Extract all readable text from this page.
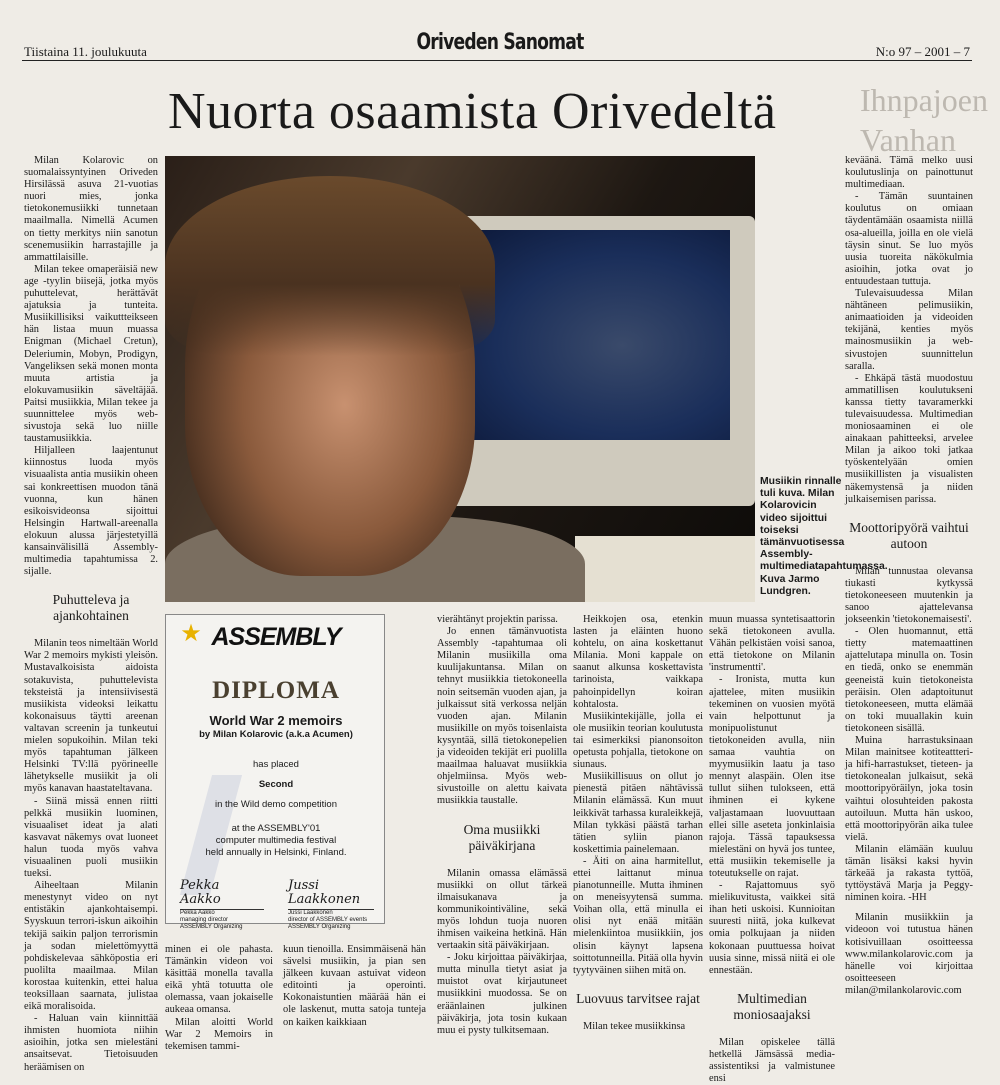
Tiistaina 11. joulukuuta	Oriveden Sanomat	N:o 97 – 2001 – 7
Ihnpajoen
Vanhan
Nuorta osaamista Orivedeltä

Milan Kolarovic on suomalaissyntyinen Oriveden Hirsilässä asuva 21-vuotias nuori mies, jonka tietokonemusiikki tunnetaan maailmalla. Nimellä Acumen on tietty merkitys niin sanotun scenemusiikin harrastajille ja ammattilaisille.

Milan tekee omaperäisiä new age -tyylin biisejä, jotka myös puhuttelevat, herättävät ajatuksia ja tunteita. Musiikillisiksi vaikuttteikseen hän listaa muun muassa Enigman (Michael Cretun), Deleriumin, Mobyn, Prodigyn, Vangeliksen sekä monen monta muuta artistia ja elokuvamusiikin säveltäjää. Paitsi musiikkia, Milan tekee ja suunnittelee myös web-sivustoja sekä luo niille taustamusiikkia.

Hiljalleen laajentunut kiinnostus luoda myös visuaalista antia musiikin oheen sai konkreettisen muodon tänä vuonna, kun hänen esikoisvideonsa sijoittui Helsingin Hartwall-areenalla elokuun alussa järjestetyillä kansainvälisillä Assembly-multimedia tapahtumissa 2. sijalle.

Puhutteleva ja ajankohtainen

Milanin teos nimeltään World War 2 memoirs mykisti yleisön. Mustavalkoisista aidoista sotakuvista, puhuttelevista teksteistä ja intensiivisestä musiikista videoksi leikattu kokonaisuus täytti areenan valtavan screenin ja tunkeutui mielen sopukoihin. Milan teki myös tapahtuman jälkeen Helsinki TV:llä pyörineelle lähetykselle musiikit ja oli myös kanavan haastateltavana.

- Siinä missä ennen riitti pelkkä musiikin luominen, visuaaliset ideat ja alati kasvavat näkemys ovat luoneet halun tuoda myös vahva visuaalinen puoli musiikin tueksi.

Aiheeltaan Milanin menestynyt video on nyt entistäkin ajankohtaisempi. Syyskuun terrori-iskun aikoihin tekijä saikin paljon terrorismin ja sodan mielettömyyttä pohdiskelevaa sähköpostia eri puolilta maailmaa. Milan korostaa kuitenkin, ettei halua teoksillaan saarnata, julistaa eikä moralisoida.

- Haluan vain kiinnittää ihmisten huomiota niihin asioihin, jotka sen mielestäni ansaitsevat. Tietoisuuden heräämisen on

Musiikin rinnalle tuli kuva. Milan Kolarovicin video sijoittui toiseksi tämänvuotisessa Assembly-multimediatapahtumassa. Kuva Jarmo Lundgren.
ASSEMBLY
★
DIPLOMA
World War 2 memoirs
by Milan Kolarovic (a.k.a Acumen)
has placed
Second
in the Wild demo competition
at the ASSEMBLY'01
computer multimedia festival
held annually in Helsinki, Finland.
Pekka Aakko
Pekka Aakko
managing director
ASSEMBLY Organizing
Jussi Laakkonen
Jussi Laakkonen
director of ASSEMBLY events
ASSEMBLY Organizing

minen ei ole pahasta. Tämänkin videon voi käsittää monella tavalla eikä yhtä totuutta ole olemassa, vaan jokaiselle aukeaa omansa.

Milan aloitti World War 2 Memoirs in tekemisen tammi-

kuun tienoilla. Ensimmäisenä hän sävelsi musiikin, ja pian sen jälkeen kuvaan astuivat videon editointi ja operointi. Kokonaistuntien määrää hän ei ole laskenut, mutta satoja tunteja on kaiken kaikkiaan

vierähtänyt projektin parissa.

Jo ennen tämänvuotista Assembly -tapahtumaa oli Milanin musiikilla oma kuulijakuntansa. Milan on tehnyt musiikkia tietokoneella noin seitsemän vuoden ajan, ja julkaissut sitä verkossa neljän vuoden ajan. Milanin musiikille on myös toisenlaista kysyntää, sillä tietokonepelien ja videoiden tekijät eri puolilla maailmaa haluavat musiikkia ohjelmiinsa. Myös web-sivustoille on alettu kaivata musiikkia taustalle.

Oma musiikki päiväkirjana

Milanin omassa elämässä musiikki on ollut tärkeä ilmaisukanava ja kommunikointiväline, sekä myös lohdun tuoja nuoren ihmisen vaikeina hetkinä. Hän vertaakin sitä päiväkirjaan.

- Joku kirjoittaa päiväkirjaa, mutta minulla tietyt asiat ja muistot ovat kirjautuneet musiikkini muodossa. Se on eräänlainen julkinen päiväkirja, jota tosin kukaan muu ei pysty tulkitsemaan.

Heikkojen osa, etenkin lasten ja eläinten huono kohtelu, on aina koskettanut Milania. Moni kappale on saanut alkunsa koskettavista tarinoista, vaikkapa pahoinpidellyn koiran kohtalosta.

Musiikintekijälle, jolla ei ole musiikin teorian koulutusta tai esimerkiksi pianonsoiton opetusta pohjalla, tietokone on siunaus.

Musiikillisuus on ollut jo pienestä pitäen nähtävissä Milanin elämässä. Kun muut leikkivät tarhassa kuraleikkejä, Milan tykkäsi päästä tarhan tätien syliin pianon koskettimia painelemaan.

- Äiti on aina harmitellut, ettei laittanut minua pianotunneille. Mutta ihminen on meneisyytensä summa. Voihan olla, että minulla ei olisi nyt enää mitään mielenkiintoa musiikkiin, jos olisin käynyt lapsena soittotunneilla. Pitää olla hyvin tyytyväinen siihen mitä on.

Luovuus tarvitsee rajat

Milan tekee musiikkinsa

muun muassa syntetisaattorin sekä tietokoneen avulla. Vähän pelkistäen voisi sanoa, että tietokone on Milanin 'instrumentti'.

- Ironista, mutta kun ajattelee, miten musiikin tekeminen on vuosien myötä vain helpottunut ja monipuolistunut tietokoneiden avulla, niin samaa vauhtia on myymusiikin laatu ja taso mennyt alaspäin. Olen itse tullut siihen tulokseen, että ihminen ei kykene valjastamaan luovuuttaan ellei sille aseteta jonkinlaisia rajoja. Tässä tapauksessa mielestäni on hyvä jos tuntee, että musiikin tekemiselle ja toteutukselle on rajat.

- Rajattomuus syö mielikuvitusta, vaikkei sitä ihan heti uskoisi. Kunnioitan suuresti niitä, joka kulkevat omia polkujaan ja niiden kokonaan puuttuessa hoivat uusia sinne, missä niitä ei ole ennestään.

Multimedian moniosaajaksi

Milan opiskelee tällä hetkellä Jämsässä media-assistentiksi ja valmistunee ensi

keväänä. Tämä melko uusi koulutuslinja on painottunut multimediaan.

- Tämän suuntainen koulutus on omiaan täydentämään osaamista niillä osa-alueilla, joilla en ole vielä täysin sinut. Se luo myös uusia tuoreita näkökulmia asioihin, jotka ovat jo entuudestaan tuttuja.

Tulevaisuudessa Milan nähtäneen pelimusiikin, animaatioiden ja videoiden tekijänä, kenties myös mainosmusiikin ja web-sivustojen suunnittelun saralla.

- Ehkäpä tästä muodostuu ammatillisen koulutukseni kanssa tietty tavaramerkki tulevaisuudessa. Multimedian moniosaaminen ei ole ainakaan pahitteeksi, arvelee Milan ja aikoo toki jatkaa työskentelyään omien musiikillisten ja visualisten näkemystensä ja niiden julkaisemisen parissa.

Moottoripyörä vaihtui autoon

Milan tunnustaa olevansa tiukasti kytkyssä tietokoneeseen muutenkin ja sanoo ajattelevansa jokseenkin 'tietokonemaisesti'.

- Olen huomannut, että tietty matemaattinen ajattelutapa minulla on. Tosin en tiedä, onko se enemmän geeneistä kuin tietokoneista peräisin. Olen adaptoitunut tietokoneeseen, mutta elämää on toki muuallakin kuin tietokoneen sisällä.

Muina harrastuksinaan Milan mainitsee kotiteattteri- ja hifi-harrastukset, tieteen- ja tietokonealan julkaisut, sekä moottoripyöräilyn, joka tosin vaihtui olosuhteiden pakosta autoiluun. Mutta hän uskoo, että moottoripyörän aika tulee vielä.

Milanin elämään kuuluu tämän lisäksi kaksi hyvin tärkeää ja rakasta tyttöä, tyttöystävä Marja ja Peggy-niminen koira. -HH

Milanin musiikkiin ja videoon voi tutustua hänen kotisivuillaan osoitteessa www.milankolarovic.com ja hänelle voi kirjoittaa osoitteeseen milan@milankolarovic.com
